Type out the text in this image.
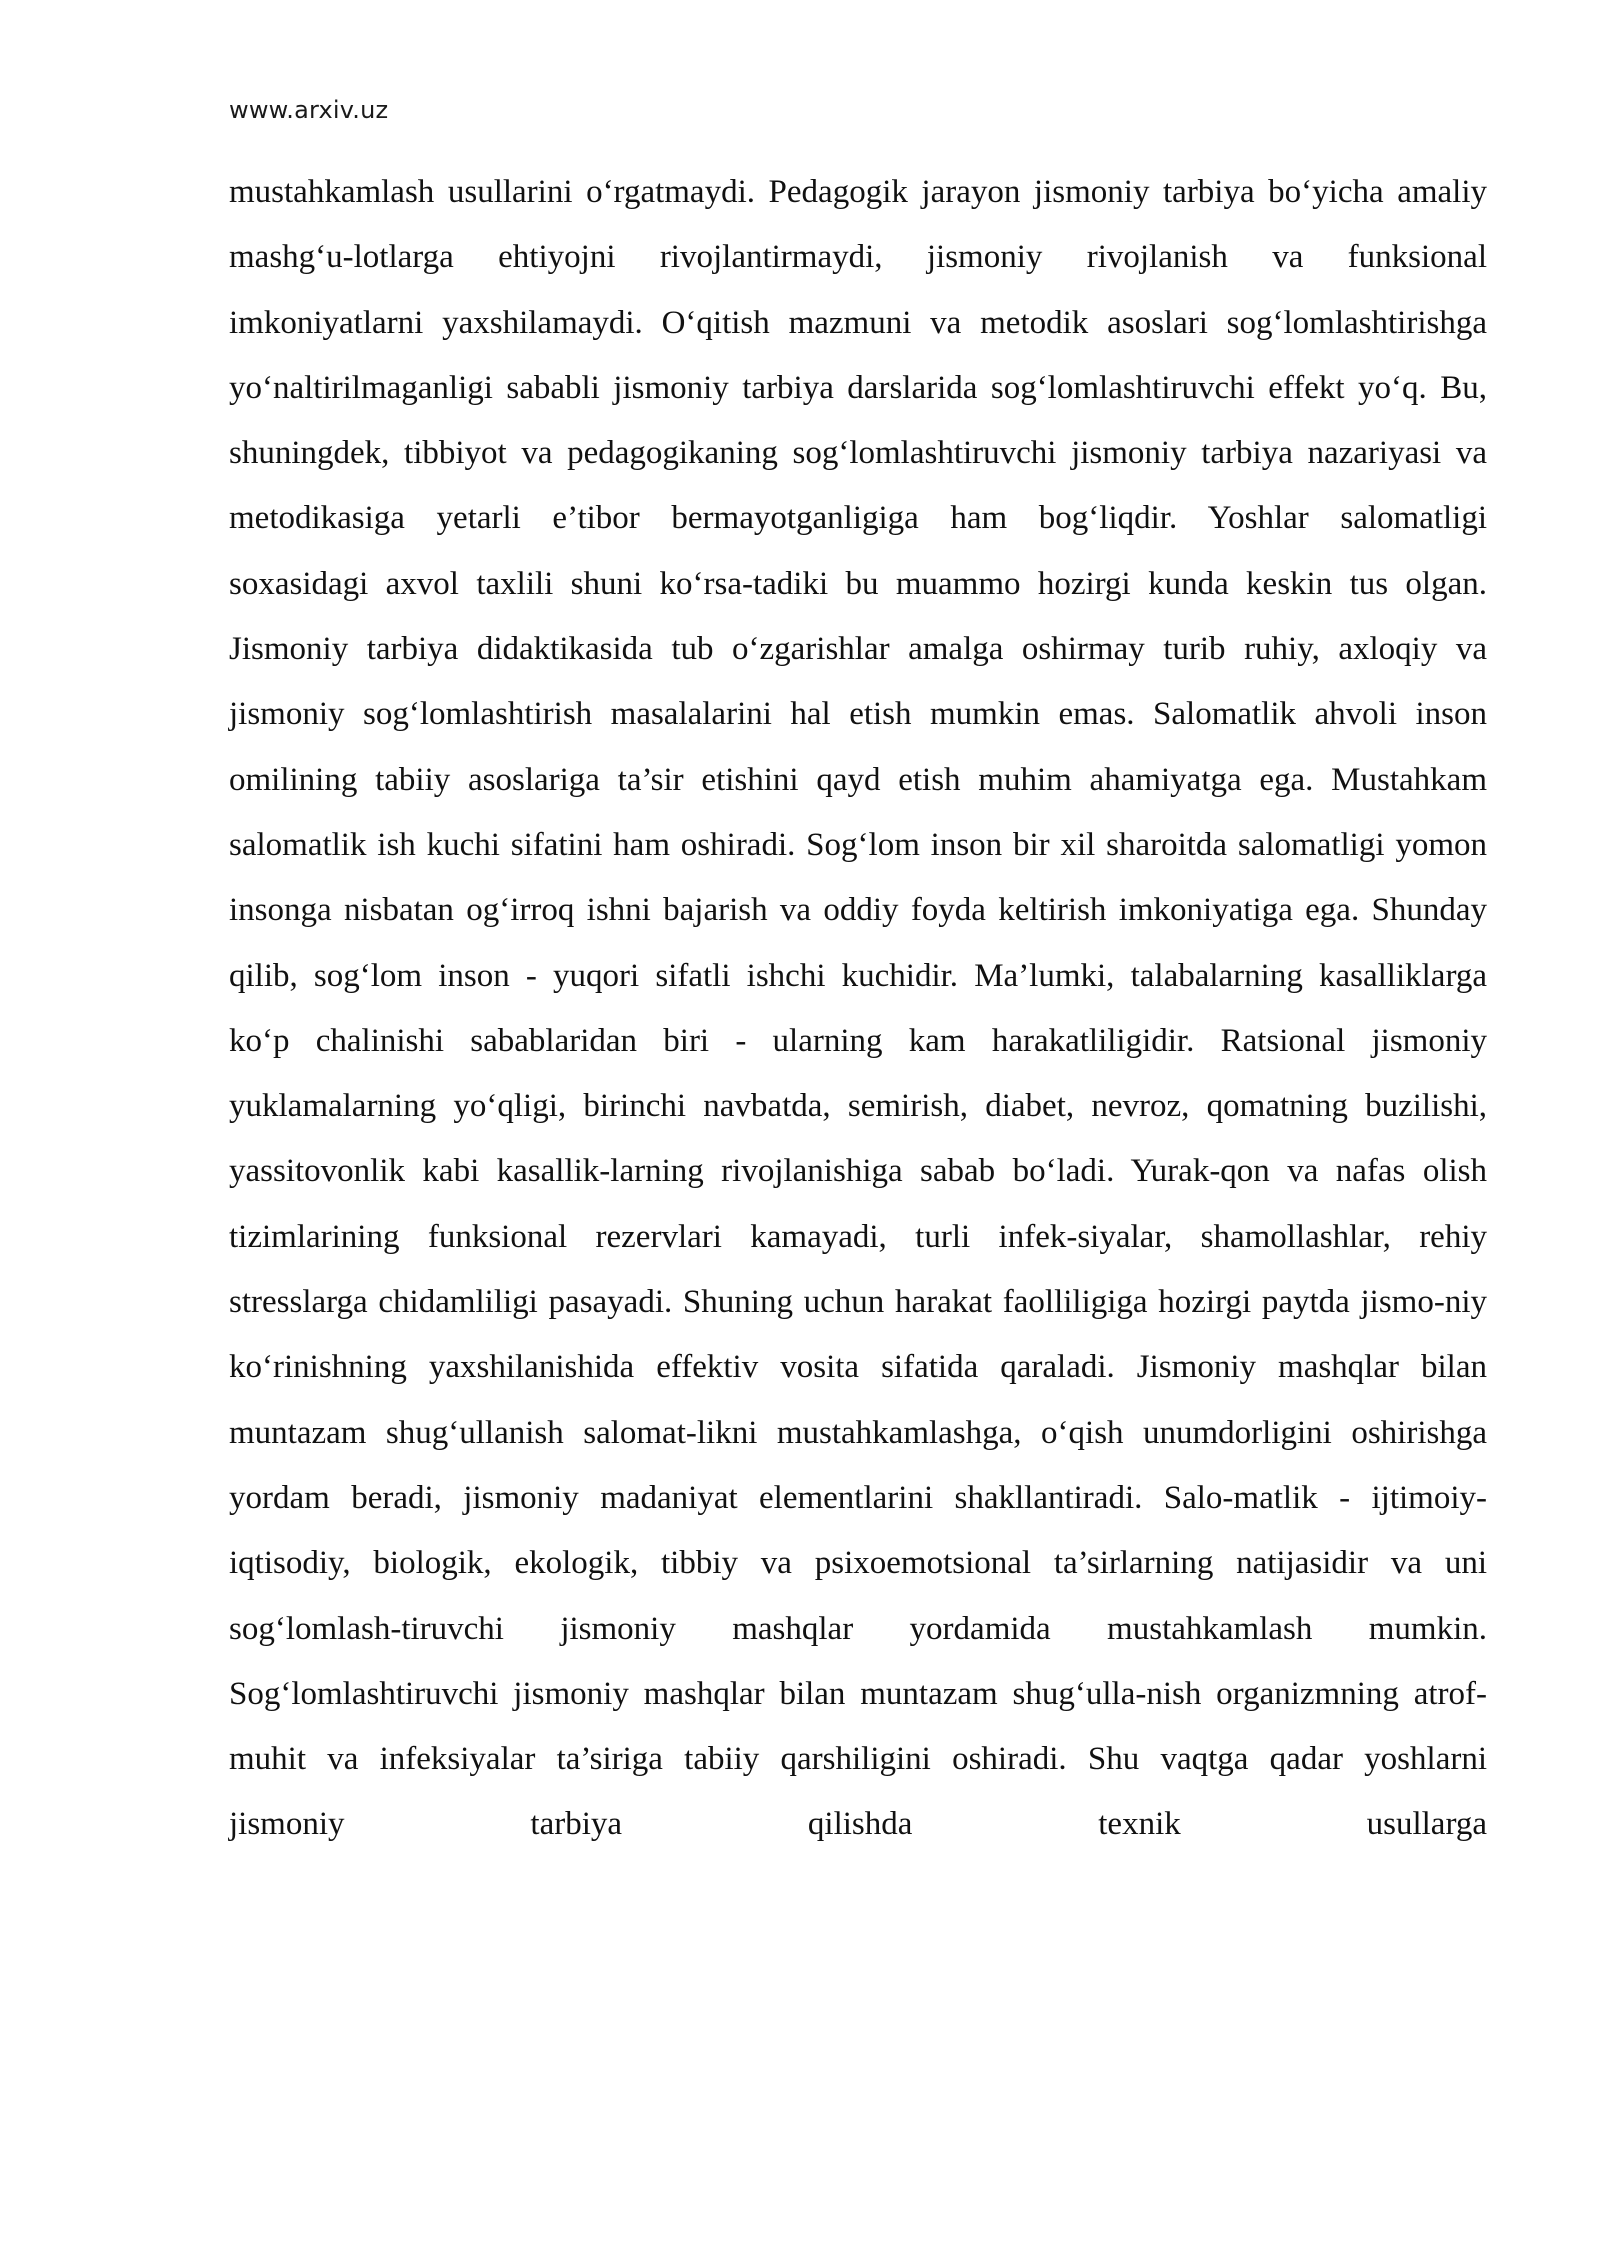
www.arxiv.uz

mustahkamlash usullarini o‘rgatmaydi. Pedagogik jarayon jismoniy tarbiya bo‘yicha amaliy mashg‘u-lotlarga ehtiyojni rivojlantirmaydi, jismoniy rivojlanish va funksional imkoniyatlarni yaxshilamaydi. O‘qitish mazmuni va metodik asoslari sog‘lomlashtirishga yo‘naltirilmaganligi sababli jismoniy tarbiya darslarida sog‘lomlashtiruvchi effekt yo‘q. Bu, shuningdek, tibbiyot va pedagogikaning sog‘lomlashtiruvchi jismoniy tarbiya nazariyasi va metodikasiga yetarli e’tibor bermayotganligiga ham bog‘liqdir. Yoshlar salomatligi soxasidagi axvol taxlili shuni ko‘rsa-tadiki bu muammo hozirgi kunda keskin tus olgan. Jismoniy tarbiya didaktikasida tub o‘zgarishlar amalga oshirmay turib ruhiy, axloqiy va jismoniy sog‘lomlashtirish masalalarini hal etish mumkin emas. Salomatlik ahvoli inson omilining tabiiy asoslariga ta’sir etishini qayd etish muhim ahamiyatga ega. Mustahkam salomatlik ish kuchi sifatini ham oshiradi. Sog‘lom inson bir xil sharoitda salomatligi yomon insonga nisbatan og‘irroq ishni bajarish va oddiy foyda keltirish imkoniyatiga ega. Shunday qilib, sog‘lom inson - yuqori sifatli ishchi kuchidir. Ma’lumki, talabalarning kasalliklarga ko‘p chalinishi sabablaridan biri - ularning kam harakatliligidir. Ratsional jismoniy yuklamalarning yo‘qligi, birinchi navbatda, semirish, diabet, nevroz, qomatning buzilishi, yassitovonlik kabi kasallik-larning rivojlanishiga sabab bo‘ladi. Yurak-qon va nafas olish tizimlarining funksional rezervlari kamayadi, turli infek-siyalar, shamollashlar, rehiy stresslarga chidamliligi pasayadi. Shuning uchun harakat faolliligiga hozirgi paytda jismo-niy ko‘rinishning yaxshilanishida effektiv vosita sifatida qaraladi. Jismoniy mashqlar bilan muntazam shug‘ullanish salomat-likni mustahkamlashga, o‘qish unumdorligini oshirishga yordam beradi, jismoniy madaniyat elementlarini shakllantiradi. Salo-matlik - ijtimoiy-iqtisodiy, biologik, ekologik, tibbiy va psixoemotsional ta’sirlarning natijasidir va uni sog‘lomlash-tiruvchi jismoniy mashqlar yordamida mustahkamlash mumkin. Sog‘lomlashtiruvchi jismoniy mashqlar bilan muntazam shug‘ulla-nish organizmning atrof-muhit va infeksiyalar ta’siriga tabiiy qarshiligini oshiradi. Shu vaqtga qadar yoshlarni jismoniy tarbiya qilishda texnik usullarga
